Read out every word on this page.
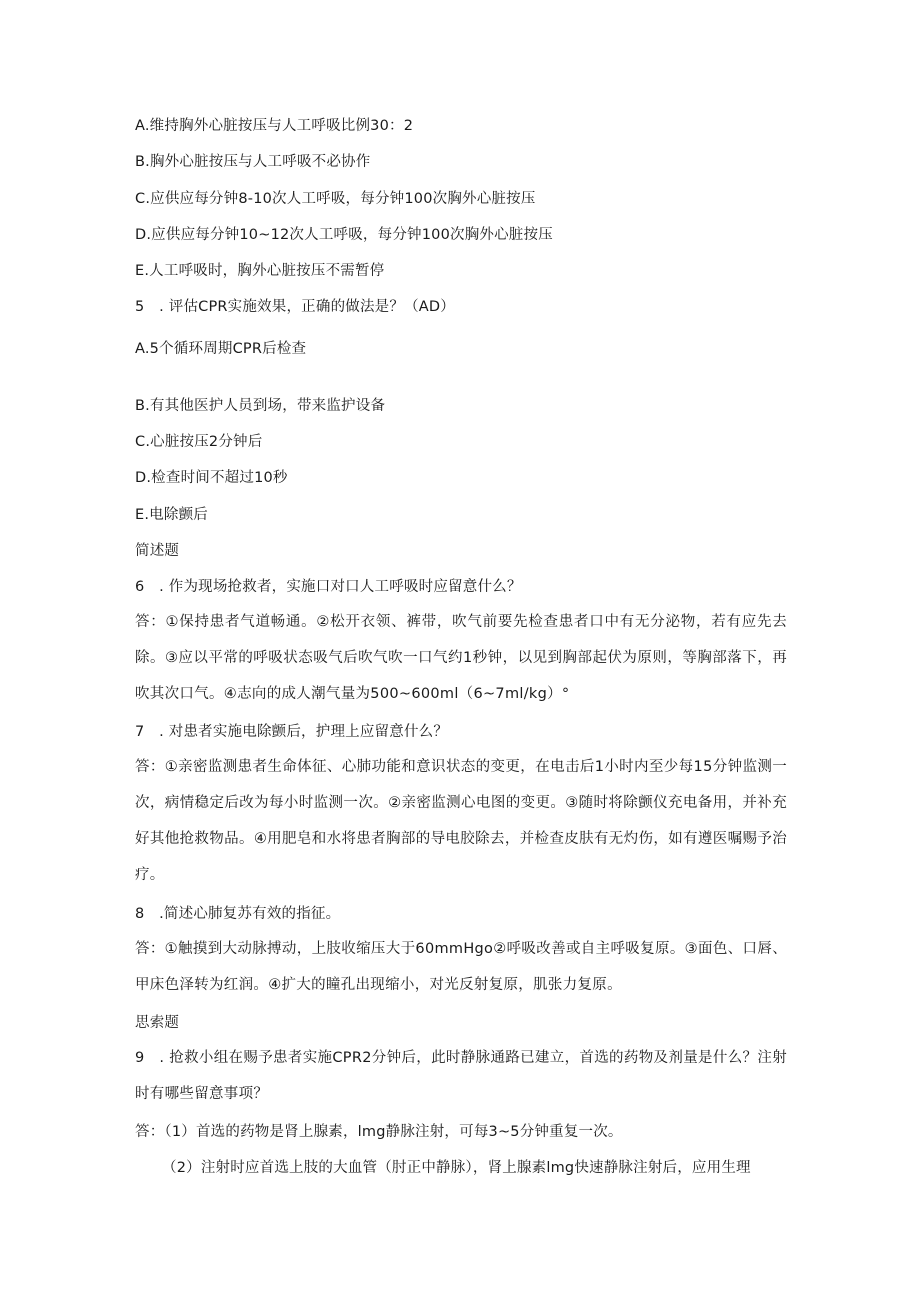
A.维持胸外心脏按压与人工呼吸比例30：2
B.胸外心脏按压与人工呼吸不必协作
C.应供应每分钟8-10次人工呼吸，每分钟100次胸外心脏按压
D.应供应每分钟10~12次人工呼吸，每分钟100次胸外心脏按压
E.人工呼吸时，胸外心脏按压不需暂停
5　. 评估CPR实施效果，正确的做法是？（AD）
A.5个循环周期CPR后检查
B.有其他医护人员到场，带来监护设备
C.心脏按压2分钟后
D.检查时间不超过10秒
E.电除颤后
简述题
6　. 作为现场抢救者，实施口对口人工呼吸时应留意什么？
答：①保持患者气道畅通。②松开衣领、裤带，吹气前要先检查患者口中有无分泌物，若有应先去除。③应以平常的呼吸状态吸气后吹气吹一口气约1秒钟，以见到胸部起伏为原则，等胸部落下，再吹其次口气。④志向的成人潮气量为500~600ml（6~7ml/kg）°
7　. 对患者实施电除颤后，护理上应留意什么？
答：①亲密监测患者生命体征、心肺功能和意识状态的变更，在电击后1小时内至少每15分钟监测一次，病情稳定后改为每小时监测一次。②亲密监测心电图的变更。③随时将除颤仪充电备用，并补充好其他抢救物品。④用肥皂和水将患者胸部的导电胶除去，并检查皮肤有无灼伤，如有遵医嘱赐予治疗。
8　.简述心肺复苏有效的指征。
答：①触摸到大动脉搏动，上肢收缩压大于60mmHgo②呼吸改善或自主呼吸复原。③面色、口唇、甲床色泽转为红润。④扩大的瞳孔出现缩小，对光反射复原，肌张力复原。
思索题
9　. 抢救小组在赐予患者实施CPR2分钟后，此时静脉通路已建立，首选的药物及剂量是什么？注射时有哪些留意事项？
答：（1）首选的药物是肾上腺素，lmg静脉注射，可每3~5分钟重复一次。
（2）注射时应首选上肢的大血管（肘正中静脉），肾上腺素lmg快速静脉注射后，应用生理
